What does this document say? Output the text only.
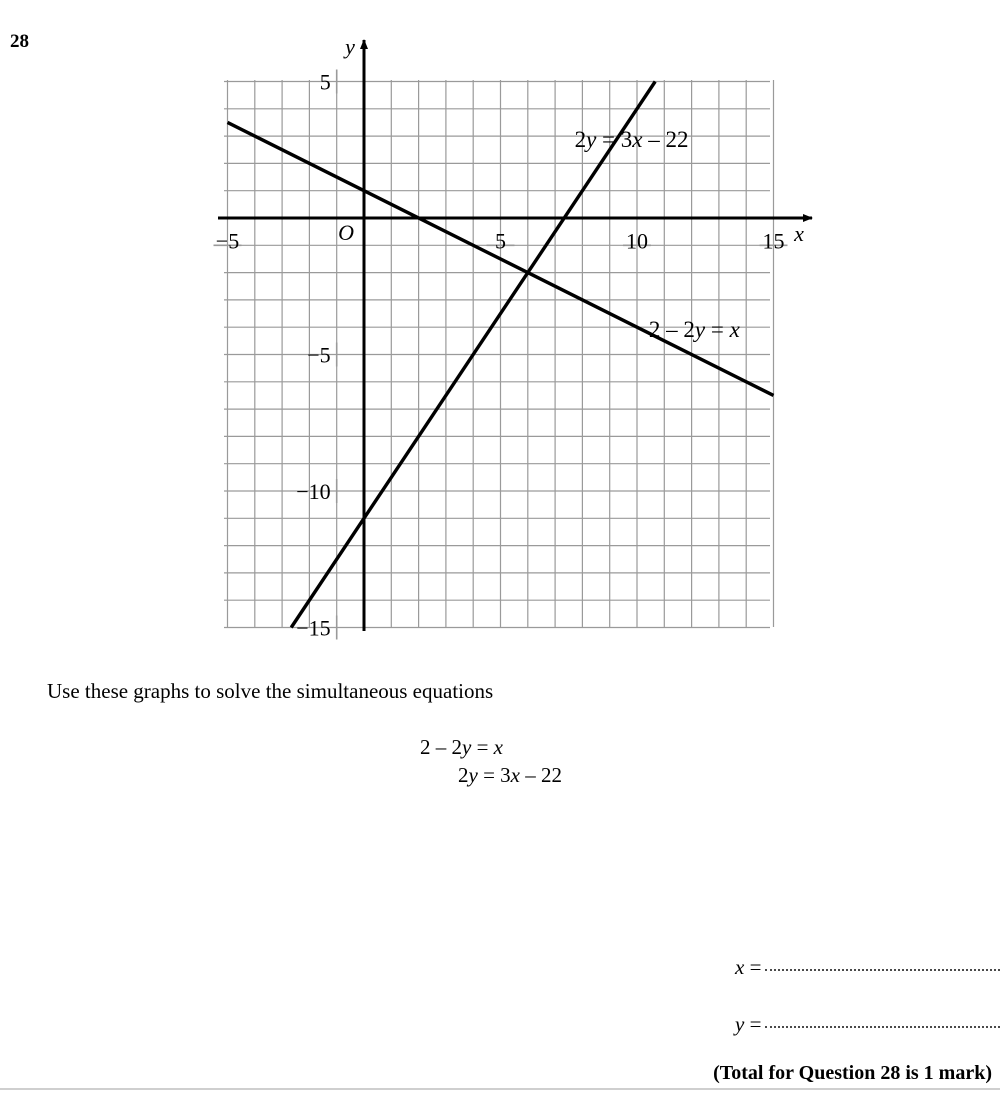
28
−5	5	10	15
5
−5
−10
−15
O	x
y
2y = 3x – 22
2 – 2y = x
Use these graphs to solve the simultaneous equations
2 – 2y = x
2y = 3x – 22
x =
y =
(Total for Question 28 is 1 mark)
